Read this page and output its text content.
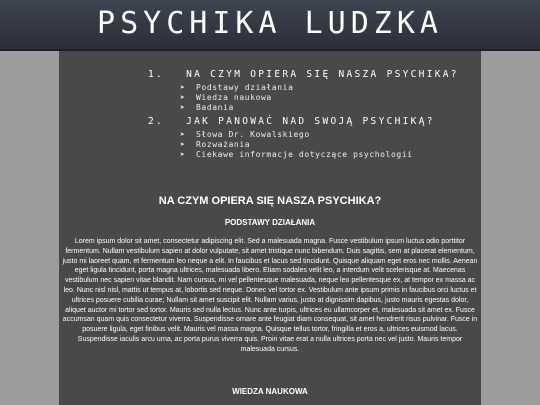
PSYCHIKA LUDZKA
1. NA CZYM OPIERA SIĘ NASZA PSYCHIKA?
➤ Podstawy działania
➤ Wiedza naukowa
➤ Badania
2. JAK PANOWAĆ NAD SWOJĄ PSYCHIKĄ?
➤ Słowa Dr. Kowalskiego
➤ Rozważania
➤ Ciekawe informacje dotyczące psychologii
NA CZYM OPIERA SIĘ NASZA PSYCHIKA?
PODSTAWY DZIAŁANIA
Lorem ipsum dolor sit amet, consectetur adipiscing elit. Sed a malesuada magna. Fusce vestibulum ipsum luctus odio porttitor fermentum. Nullam vestibulum sapien at dolor vulputate, sit amet tristique nunc bibendum. Duis sagittis, sem at placerat elementum, justo mi laoreet quam, et fermentum leo neque a elit. In faucibus et lacus sed tincidunt. Quisque aliquam eget eros nec mollis. Aenean eget ligula tincidunt, porta magna ultrices, malesuada libero. Etiam sodales velit leo, a interdum velit scelerisque at. Maecenas vestibulum nec sapien vitae blandit. Nam cursus, mi vel pellentesque malesuada, neque leo pellentesque ex, at tempor ex massa ac leo. Nunc nisl nisl, mattis ut tempus at, lobortis sed neque. Donec vel tortor ex. Vestibulum ante ipsum primis in faucibus orci luctus et ultrices posuere cubilia curae; Nullam sit amet suscipit elit. Nullam varius, justo at dignissim dapibus, justo mauris egestas dolor, aliquet auctor mi tortor sed tortor. Mauris sed nulla lectus. Nunc ante turpis, ultrices eu ullamcorper et, malesuada sit amet ex. Fusce accumsan quam quis consectetur viverra. Suspendisse ornare ante feugiat diam consequat, sit amet hendrerit risus pulvinar. Fusce in posuere ligula, eget finibus velit. Mauris vel massa magna. Quisque tellus tortor, fringilla et eros a, ultrices euismod lacus. Suspendisse iaculis arcu urna, ac porta purus viverra quis. Proin vitae erat a nulla ultrices porta nec vel justo. Mauris tempor malesuada cursus.
WIEDZA NAUKOWA
